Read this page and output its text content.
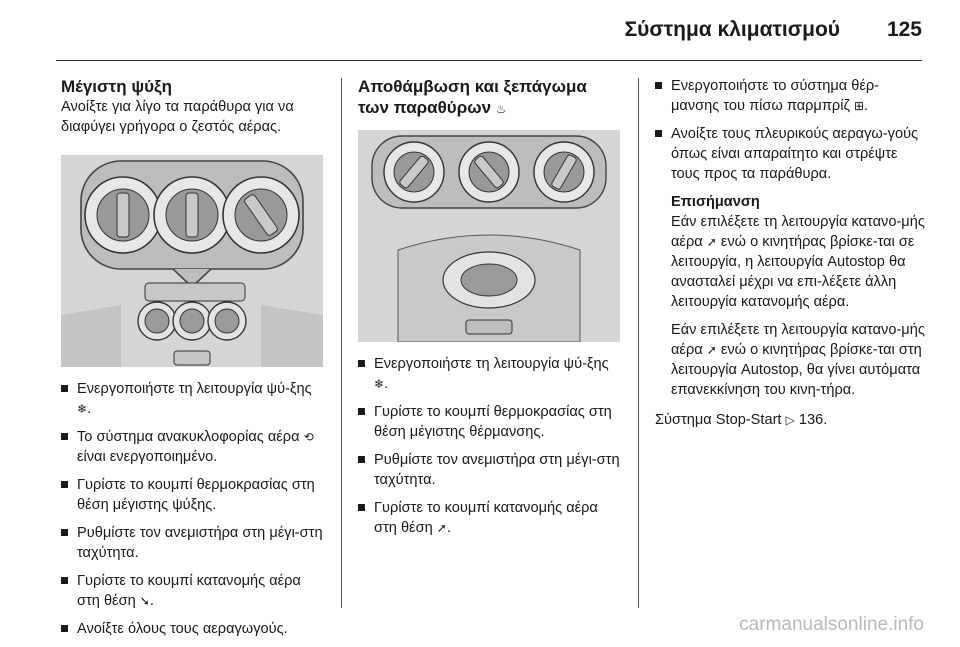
Σύστημα κλιματισμού 125
Μέγιστη ψύξη

Ανοίξτε για λίγο τα παράθυρα για να διαφύγει γρήγορα ο ζεστός αέρας.

Ενεργοποιήστε τη λειτουργία ψύ-ξης ❄.
Το σύστημα ανακυκλοφορίας αέρα ⟲ είναι ενεργοποιημένο.
Γυρίστε το κουμπί θερμοκρασίας στη θέση μέγιστης ψύξης.
Ρυθμίστε τον ανεμιστήρα στη μέγι-στη ταχύτητα.
Γυρίστε το κουμπί κατανομής αέρα στη θέση ➘.
Ανοίξτε όλους τους αεραγωγούς.
Αποθάμβωση και ξεπάγωμα
των παραθύρων ♨
Ενεργοποιήστε τη λειτουργία ψύ-ξης ❄.
Γυρίστε το κουμπί θερμοκρασίας στη θέση μέγιστης θέρμανσης.
Ρυθμίστε τον ανεμιστήρα στη μέγι-στη ταχύτητα.
Γυρίστε το κουμπί κατανομής αέρα στη θέση ➚.
Ενεργοποιήστε το σύστημα θέρ-μανσης του πίσω παρμπρίζ ⊞.
Ανοίξτε τους πλευρικούς αεραγω-γούς όπως είναι απαραίτητο και στρέψτε τους προς τα παράθυρα.

Επισήμανση

Εάν επιλέξετε τη λειτουργία κατανο-μής αέρα ➚ ενώ ο κινητήρας βρίσκε-ται σε λειτουργία, η λειτουργία Autostop θα ανασταλεί μέχρι να επι-λέξετε άλλη λειτουργία κατανομής αέρα.

Εάν επιλέξετε τη λειτουργία κατανο-μής αέρα ➚ ενώ ο κινητήρας βρίσκε-ται στη λειτουργία Autostop, θα γίνει αυτόματα επανεκκίνηση του κινη-τήρα.

Σύστημα Stop-Start ▷ 136.

carmanualsonline.info
